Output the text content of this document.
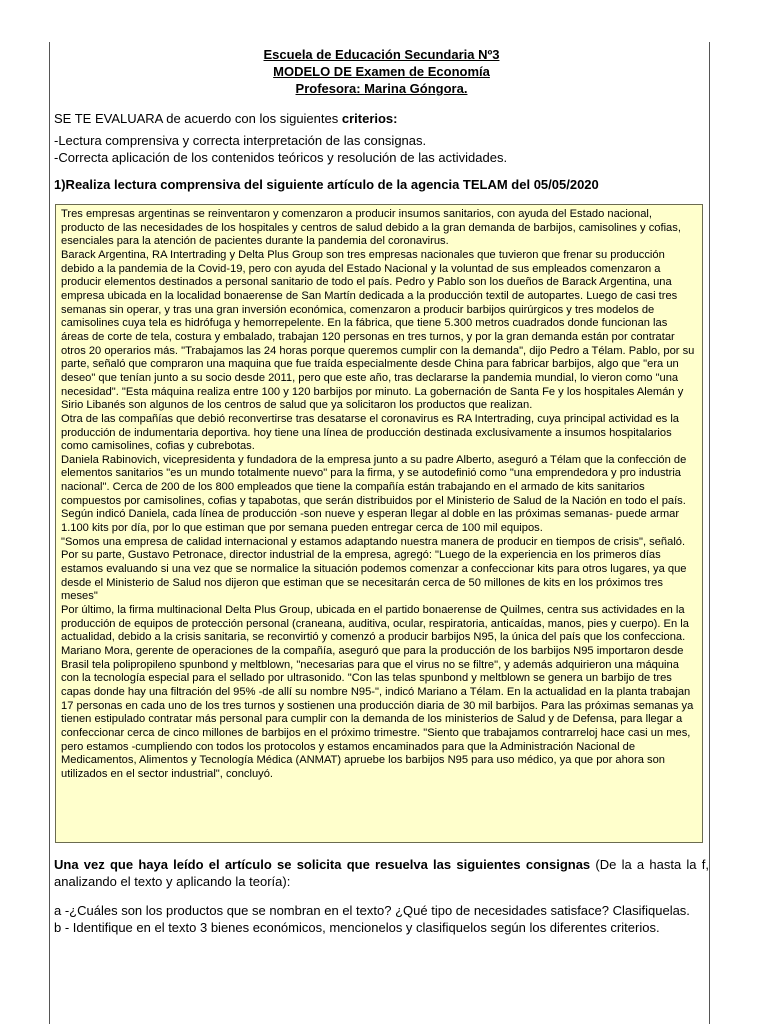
Escuela de Educación Secundaria Nº3
MODELO DE Examen de Economía
Profesora: Marina Góngora.

SE TE EVALUARA de acuerdo con los siguientes criterios:

-Lectura comprensiva y correcta interpretación de las consignas.

-Correcta aplicación de los contenidos teóricos y resolución de las actividades.

1)Realiza lectura comprensiva del siguiente artículo de la agencia TELAM del 05/05/2020

Tres empresas argentinas se reinventaron y comenzaron a producir insumos sanitarios, con ayuda del Estado nacional, producto de las necesidades de los hospitales y centros de salud debido a la gran demanda de barbijos, camisolines y cofias, esenciales para la atención de pacientes durante la pandemia del coronavirus.

Barack Argentina, RA Intertrading y Delta Plus Group son tres empresas nacionales que tuvieron que frenar su producción debido a la pandemia de la Covid-19, pero con ayuda del Estado Nacional y la voluntad de sus empleados comenzaron a producir elementos destinados a personal sanitario de todo el país. Pedro y Pablo son los dueños de Barack Argentina, una empresa ubicada en la localidad bonaerense de San Martín dedicada a la producción textil de autopartes. Luego de casi tres semanas sin operar, y tras una gran inversión económica, comenzaron a producir barbijos quirúrgicos y tres modelos de camisolines cuya tela es hidrófuga y hemorrepelente. En la fábrica, que tiene 5.300 metros cuadrados donde funcionan las áreas de corte de tela, costura y embalado, trabajan 120 personas en tres turnos, y por la gran demanda están por contratar otros 20 operarios más. "Trabajamos las 24 horas porque queremos cumplir con la demanda", dijo Pedro a Télam. Pablo, por su parte, señaló que compraron una maquina que fue traída especialmente desde China para fabricar barbijos, algo que "era un deseo" que tenían junto a su socio desde 2011, pero que este año, tras declararse la pandemia mundial, lo vieron como "una necesidad". "Esta máquina realiza entre 100 y 120 barbijos por minuto. La gobernación de Santa Fe y los hospitales Alemán y Sirio Libanés son algunos de los centros de salud que ya solicitaron los productos que realizan.

Otra de las compañías que debió reconvertirse tras desatarse el coronavirus es RA Intertrading, cuya principal actividad es la producción de indumentaria deportiva. hoy tiene una línea de producción destinada exclusivamente a insumos hospitalarios como camisolines, cofias y cubrebotas.

Daniela Rabinovich, vicepresidenta y fundadora de la empresa junto a su padre Alberto, aseguró a Télam que la confección de elementos sanitarios "es un mundo totalmente nuevo" para la firma, y se autodefinió como "una emprendedora y pro industria nacional". Cerca de 200 de los 800 empleados que tiene la compañía están trabajando en el armado de kits sanitarios compuestos por camisolines, cofias y tapabotas, que serán distribuidos por el Ministerio de Salud de la Nación en todo el país. Según indicó Daniela, cada línea de producción -son nueve y esperan llegar al doble en las próximas semanas- puede armar 1.100 kits por día, por lo que estiman que por semana pueden entregar cerca de 100 mil equipos.

"Somos una empresa de calidad internacional y estamos adaptando nuestra manera de producir en tiempos de crisis", señaló. Por su parte, Gustavo Petronace, director industrial de la empresa, agregó: "Luego de la experiencia en los primeros días estamos evaluando si una vez que se normalice la situación podemos comenzar a confeccionar kits para otros lugares, ya que desde el Ministerio de Salud nos dijeron que estiman que se necesitarán cerca de 50 millones de kits en los próximos tres meses"

Por último, la firma multinacional Delta Plus Group, ubicada en el partido bonaerense de Quilmes, centra sus actividades en la producción de equipos de protección personal (craneana, auditiva, ocular, respiratoria, anticaídas, manos, pies y cuerpo). En la actualidad, debido a la crisis sanitaria, se reconvirtió y comenzó a producir barbijos N95, la única del país que los confecciona. Mariano Mora, gerente de operaciones de la compañía, aseguró que para la producción de los barbijos N95 importaron desde Brasil tela polipropileno spunbond y meltblown, "necesarias para que el virus no se filtre", y además adquirieron una máquina con la tecnología especial para el sellado por ultrasonido. "Con las telas spunbond y meltblown se genera un barbijo de tres capas donde hay una filtración del 95% -de allí su nombre N95-", indicó Mariano a Télam. En la actualidad en la planta trabajan 17 personas en cada uno de los tres turnos y sostienen una producción diaria de 30 mil barbijos. Para las próximas semanas ya tienen estipulado contratar más personal para cumplir con la demanda de los ministerios de Salud y de Defensa, para llegar a confeccionar cerca de cinco millones de barbijos en el próximo trimestre. "Siento que trabajamos contrarreloj hace casi un mes, pero estamos -cumpliendo con todos los protocolos y estamos encaminados para que la Administración Nacional de Medicamentos, Alimentos y Tecnología Médica (ANMAT) apruebe los barbijos N95 para uso médico, ya que por ahora son utilizados en el sector industrial", concluyó.

Una vez que haya leído el artículo se solicita que resuelva las siguientes consignas (De la a hasta la f, analizando el texto y aplicando la teoría):

a -¿Cuáles son los productos que se nombran en el texto? ¿Qué tipo de necesidades satisface? Clasifiquelas.

b - Identifique en el texto 3 bienes económicos, mencionelos y clasifiquelos según los diferentes criterios.
